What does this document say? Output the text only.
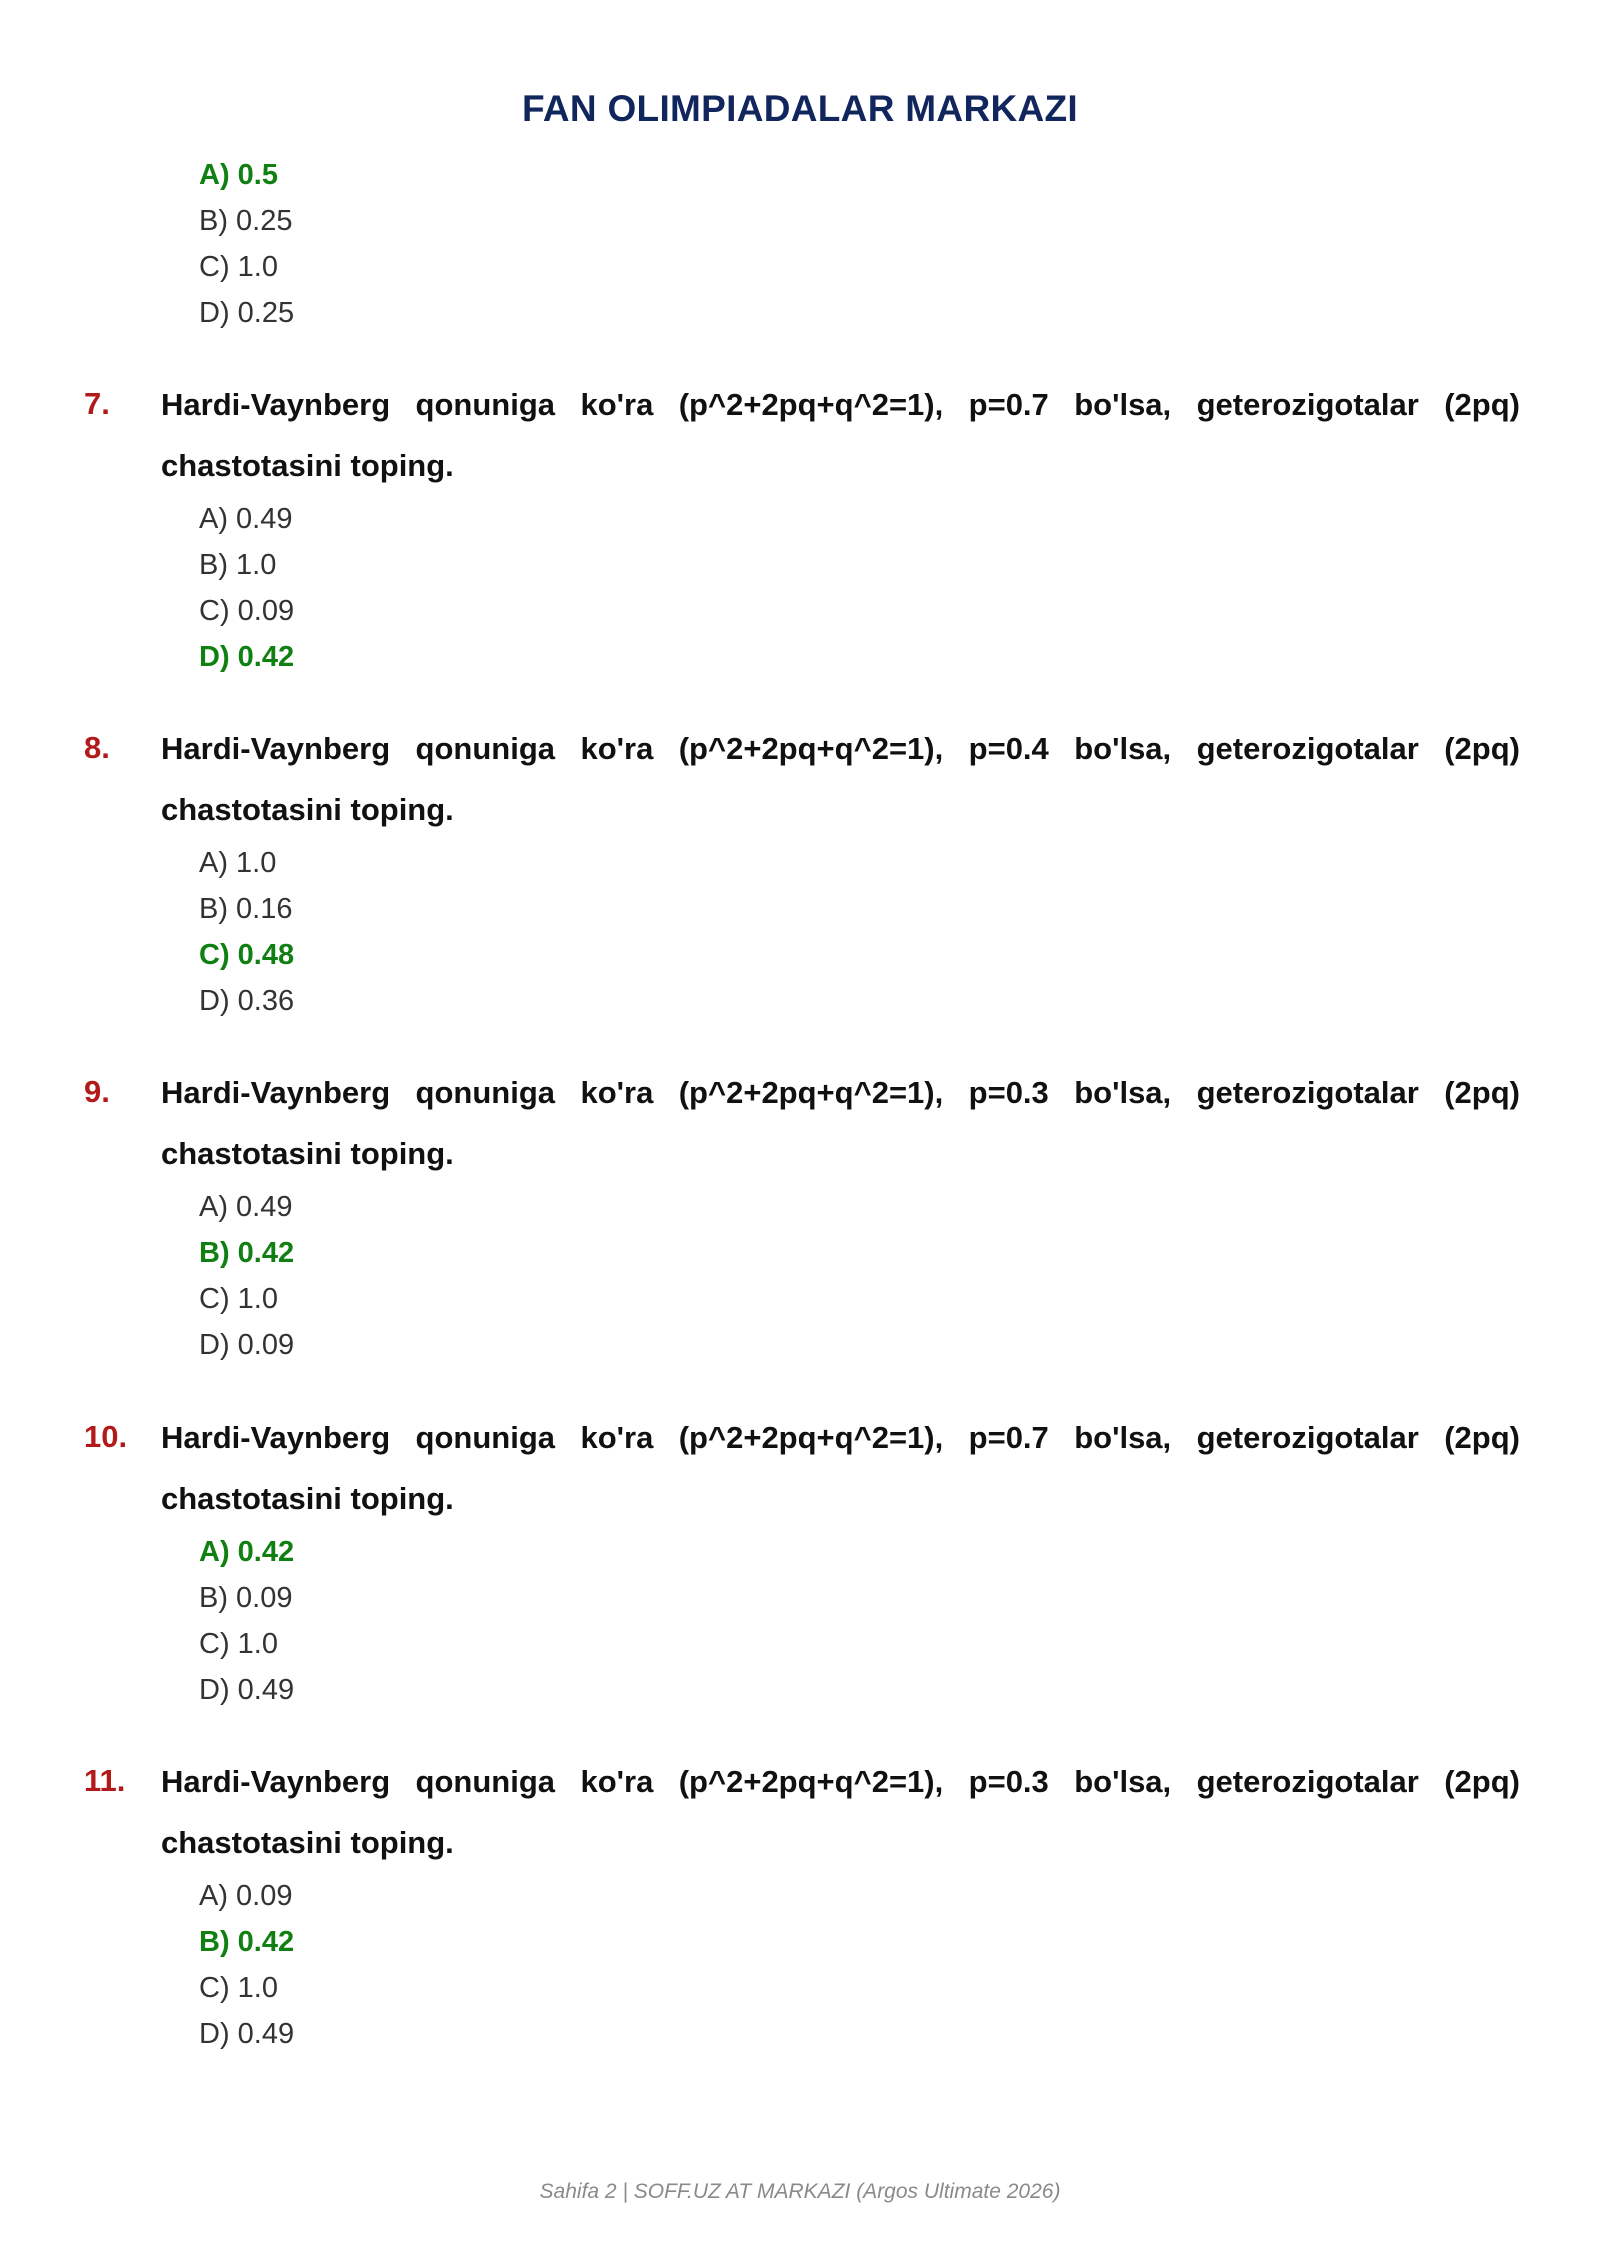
FAN OLIMPIADALAR MARKAZI
A) 0.5
B) 0.25
C) 1.0
D) 0.25
7. Hardi-Vaynberg qonuniga ko'ra (p^2+2pq+q^2=1), p=0.7 bo'lsa, geterozigotalar (2pq) chastotasini toping.
A) 0.49
B) 1.0
C) 0.09
D) 0.42
8. Hardi-Vaynberg qonuniga ko'ra (p^2+2pq+q^2=1), p=0.4 bo'lsa, geterozigotalar (2pq) chastotasini toping.
A) 1.0
B) 0.16
C) 0.48
D) 0.36
9. Hardi-Vaynberg qonuniga ko'ra (p^2+2pq+q^2=1), p=0.3 bo'lsa, geterozigotalar (2pq) chastotasini toping.
A) 0.49
B) 0.42
C) 1.0
D) 0.09
10. Hardi-Vaynberg qonuniga ko'ra (p^2+2pq+q^2=1), p=0.7 bo'lsa, geterozigotalar (2pq) chastotasini toping.
A) 0.42
B) 0.09
C) 1.0
D) 0.49
11. Hardi-Vaynberg qonuniga ko'ra (p^2+2pq+q^2=1), p=0.3 bo'lsa, geterozigotalar (2pq) chastotasini toping.
A) 0.09
B) 0.42
C) 1.0
D) 0.49
Sahifa 2 | SOFF.UZ AT MARKAZI (Argos Ultimate 2026)
